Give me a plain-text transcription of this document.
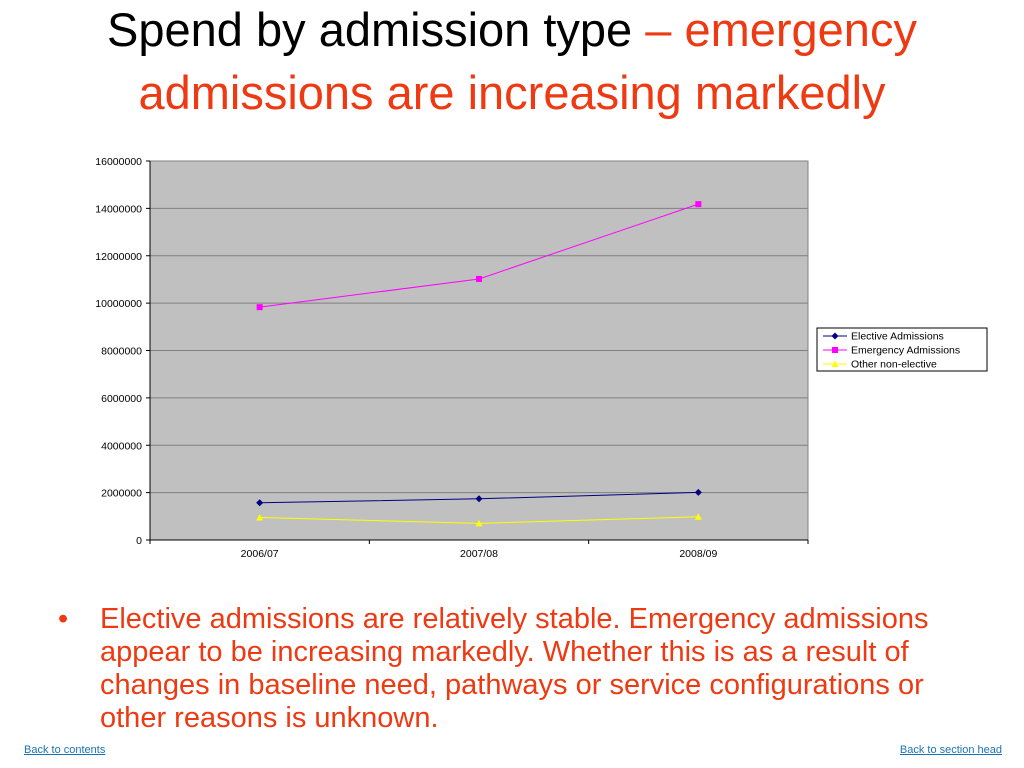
Spend by admission type – emergency admissions are increasing markedly
0
2000000
4000000
6000000
8000000
10000000
12000000
14000000
16000000
2006/07	2007/08	2008/09
Elective Admissions
Emergency Admissions
Other non-elective
• Elective admissions are relatively stable. Emergency admissions appear to be increasing markedly. Whether this is as a result of changes in baseline need, pathways or service configurations or other reasons is unknown.
Back to contents	Back to section head
